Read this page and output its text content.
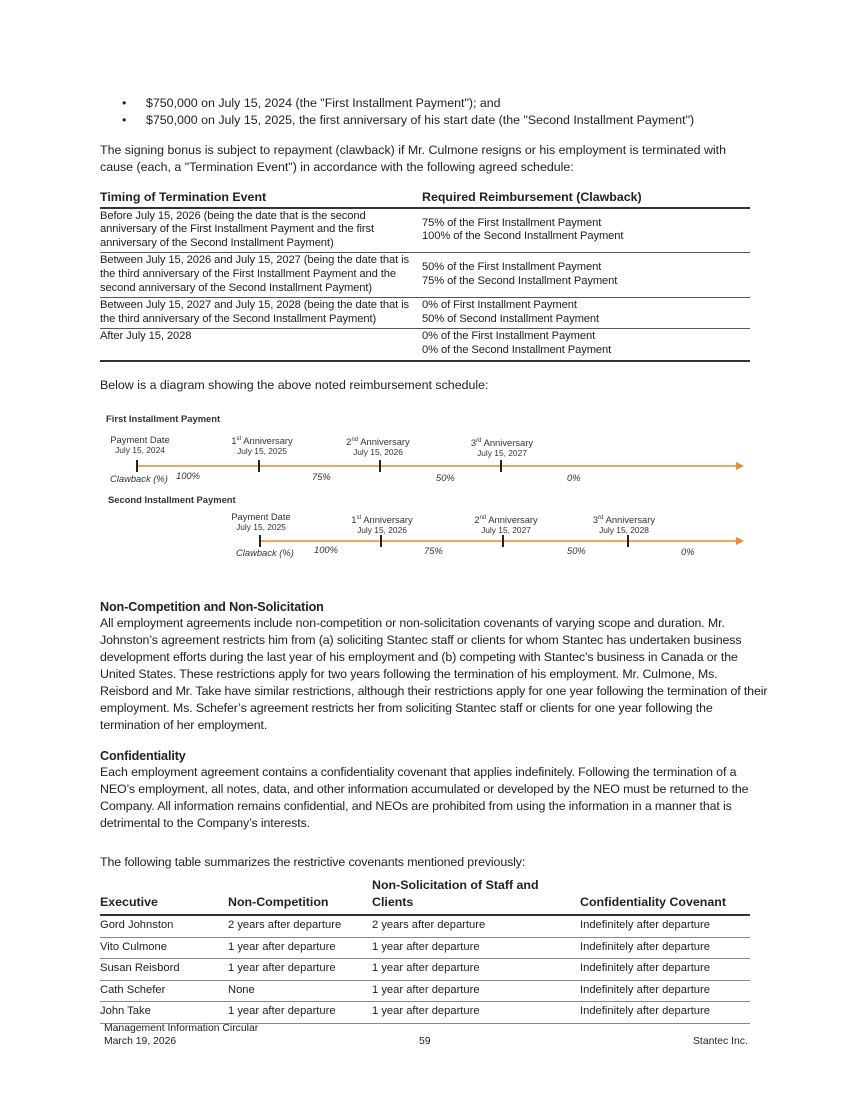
• $750,000 on July 15, 2024 (the "First Installment Payment"); and
• $750,000 on July 15, 2025, the first anniversary of his start date (the "Second Installment Payment")
The signing bonus is subject to repayment (clawback) if Mr. Culmone resigns or his employment is terminated with cause (each, a "Termination Event") in accordance with the following agreed schedule:
Timing of Termination Event	Required Reimbursement (Clawback)
Before July 15, 2026 (being the date that is the second anniversary of the First Installment Payment and the first anniversary of the Second Installment Payment)	75% of the First Installment Payment
100% of the Second Installment Payment

Between July 15, 2026 and July 15, 2027 (being the date that is the third anniversary of the First Installment Payment and the second anniversary of the Second Installment Payment)	50% of the First Installment Payment
75% of the Second Installment Payment

Between July 15, 2027 and July 15, 2028 (being the date that is the third anniversary of the Second Installment Payment)	0% of First Installment Payment
50% of Second Installment Payment

After July 15, 2028	0% of the First Installment Payment
0% of the Second Installment Payment
Below is a diagram showing the above noted reimbursement schedule:
First Installment Payment
Payment Date
July 15, 2024
1st Anniversary
July 15, 2025
2nd Anniversary
July 15, 2026
3rd Anniversary
July 15, 2027
Clawback (%) 100%	75%	50%	0%
Second Installment Payment
Payment Date
July 15, 2025
1st Anniversary
July 15, 2026
2nd Anniversary
July 15, 2027
3rd Anniversary
July 15, 2028
Clawback (%) 100%	75%	50%	0%
Non-Competition and Non-Solicitation
All employment agreements include non-competition or non-solicitation covenants of varying scope and duration. Mr. Johnston’s agreement restricts him from (a) soliciting Stantec staff or clients for whom Stantec has undertaken business development efforts during the last year of his employment and (b) competing with Stantec’s business in Canada or the United States. These restrictions apply for two years following the termination of his employment. Mr. Culmone, Ms. Reisbord and Mr. Take have similar restrictions, although their restrictions apply for one year following the termination of their employment. Ms. Schefer’s agreement restricts her from soliciting Stantec staff or clients for one year following the termination of her employment.
Confidentiality
Each employment agreement contains a confidentiality covenant that applies indefinitely. Following the termination of a NEO’s employment, all notes, data, and other information accumulated or developed by the NEO must be returned to the Company. All information remains confidential, and NEOs are prohibited from using the information in a manner that is detrimental to the Company’s interests.
The following table summarizes the restrictive covenants mentioned previously:
Executive	Non-Competition	Non-Solicitation of Staff and Clients	Confidentiality Covenant
Gord Johnston	2 years after departure	2 years after departure	Indefinitely after departure
Vito Culmone	1 year after departure	1 year after departure	Indefinitely after departure
Susan Reisbord	1 year after departure	1 year after departure	Indefinitely after departure
Cath Schefer	None	1 year after departure	Indefinitely after departure
John Take	1 year after departure	1 year after departure	Indefinitely after departure
Management Information Circular
March 19, 2026	59	Stantec Inc.
